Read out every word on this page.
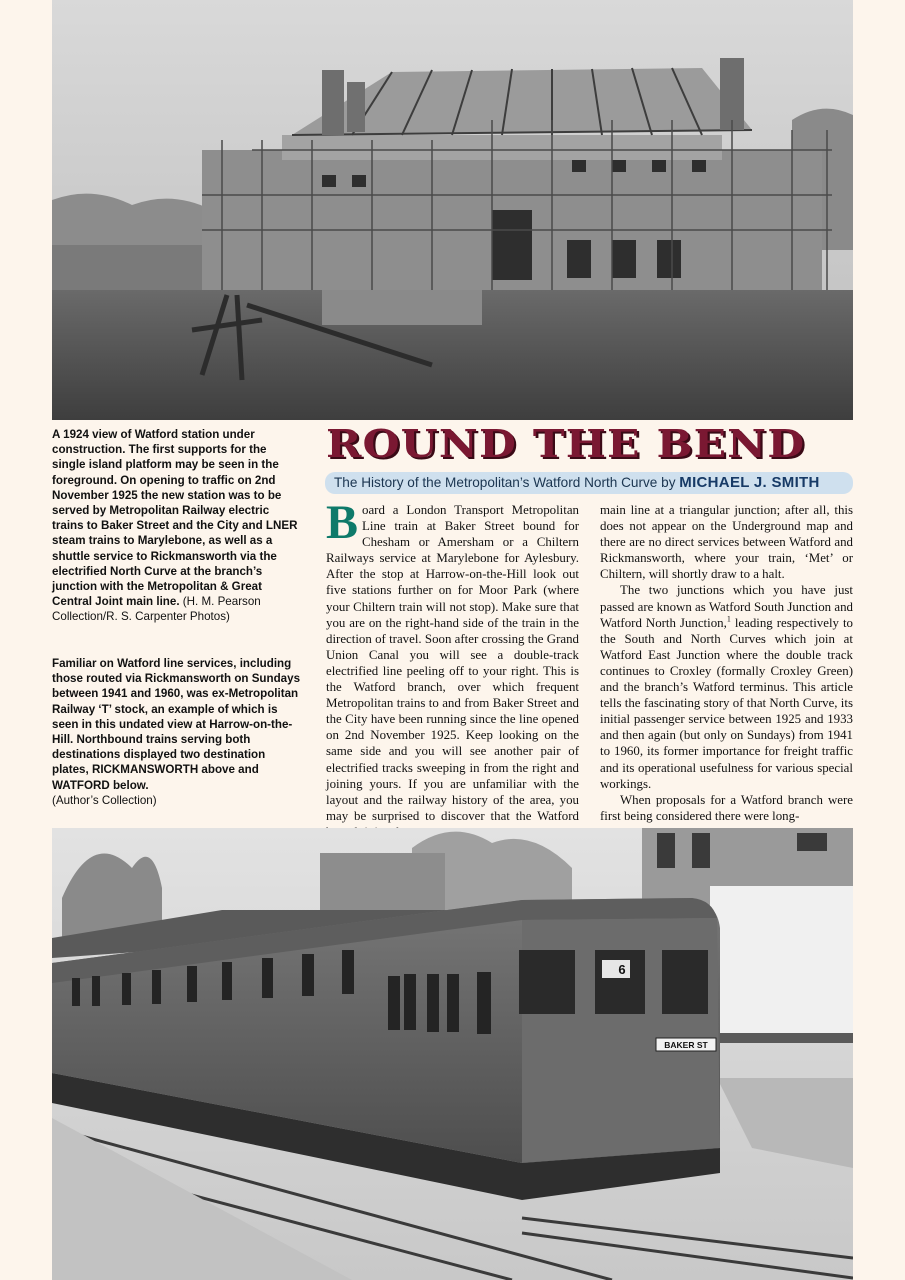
A 1924 view of Watford station under construction. The first supports for the single island platform may be seen in the foreground. On opening to traffic on 2nd November 1925 the new station was to be served by Metropolitan Railway electric trains to Baker Street and the City and LNER steam trains to Marylebone, as well as a shuttle service to Rickmansworth via the electrified North Curve at the branch’s junction with the Metropolitan & Great Central Joint main line. (H. M. Pearson Collection/R. S. Carpenter Photos)
Familiar on Watford line services, including those routed via Rickmansworth on Sundays between 1941 and 1960, was ex-Metropolitan Railway ‘T’ stock, an example of which is seen in this undated view at Harrow-on-the-Hill. Northbound trains serving both destinations displayed two destination plates, RICKMANSWORTH above and WATFORD below.
(Author’s Collection)
ROUND THE BEND
The History of the Metropolitan’s Watford North Curve by MICHAEL J. SMITH

Board a London Transport Metropolitan Line train at Baker Street bound for Chesham or Amersham or a Chiltern Railways service at Marylebone for Aylesbury. After the stop at Harrow-on-the-Hill look out five stations further on for Moor Park (where your Chiltern train will not stop). Make sure that you are on the right-hand side of the train in the direction of travel. Soon after crossing the Grand Union Canal you will see a double-track electrified line peeling off to your right. This is the Watford branch, over which frequent Metropolitan trains to and from Baker Street and the City have been running since the line opened on 2nd November 1925. Keep looking on the same side and you will see another pair of electrified tracks sweeping in from the right and joining yours. If you are unfamiliar with the layout and the railway history of the area, you may be surprised to discover that the Watford

main line at a triangular junction; after all, this does not appear on the Underground map and there are no direct services between Watford and Rickmansworth, where your train, ‘Met’ or Chiltern, will shortly draw to a halt.

The two junctions which you have just passed are known as Watford South Junction and Watford North Junction,$^1$ leading respectively to the South and North Curves which join at Watford East Junction where the double track continues to Croxley (formally Croxley Green) and the branch’s Watford terminus. This article tells the fascinating story of that North Curve, its initial passenger service between 1925 and 1933 and then again (but only on Sundays) from 1941 to 1960, its former importance for freight traffic and its operational usefulness for various special workings.

When proposals for a Watford branch were first being considered there were long-

6
BAKER ST
